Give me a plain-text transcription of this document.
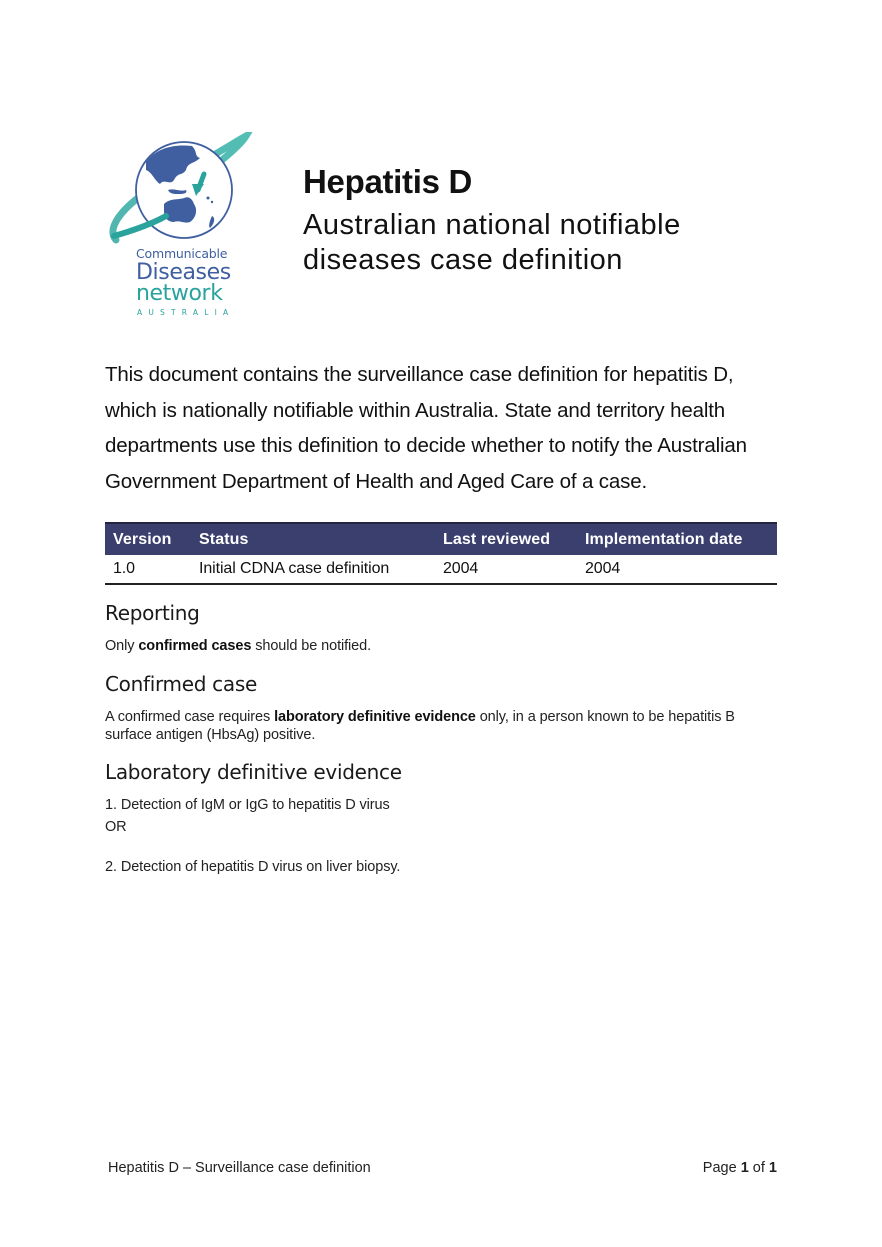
Communicable
Diseases
network
AUSTRALIA
Hepatitis D
Australian national notifiable
diseases case definition

This document contains the surveillance case definition for hepatitis D, which is nationally notifiable within Australia. State and territory health departments use this definition to decide whether to notify the Australian Government Department of Health and Aged Care of a case.

Version	Status	Last reviewed	Implementation date
1.0	Initial CDNA case definition	2004	2004
Reporting

Only confirmed cases should be notified.

Confirmed case

A confirmed case requires laboratory definitive evidence only, in a person known to be hepatitis B surface antigen (HbsAg) positive.

Laboratory definitive evidence

1. Detection of IgM or IgG to hepatitis D virus

OR

2. Detection of hepatitis D virus on liver biopsy.

Hepatitis D – Surveillance case definition	Page 1 of 1
